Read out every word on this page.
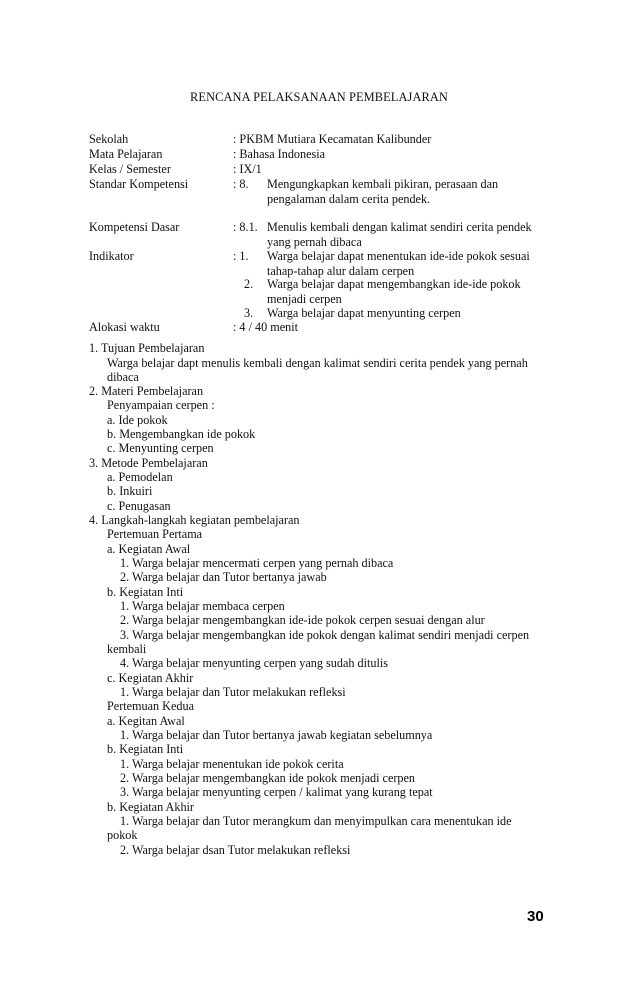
RENCANA PELAKSANAAN PEMBELAJARAN
Sekolah	: PKBM Mutiara Kecamatan Kalibunder
Mata Pelajaran	: Bahasa Indonesia
Kelas / Semester	: IX/1
Standar Kompetensi	: 8. Mengungkapkan kembali pikiran, perasaan dan
pengalaman dalam cerita pendek.
Kompetensi Dasar	: 8.1. Menulis kembali dengan kalimat sendiri cerita pendek
yang pernah dibaca
Indikator	: 1. Warga belajar dapat menentukan ide-ide pokok sesuai
tahap-tahap alur dalam cerpen
2. Warga belajar dapat mengembangkan ide-ide pokok
menjadi cerpen
3. Warga belajar dapat menyunting cerpen
Alokasi waktu	: 4 / 40 menit
1. Tujuan Pembelajaran
Warga belajar dapt menulis kembali dengan kalimat sendiri cerita pendek yang pernah
dibaca
2. Materi Pembelajaran
Penyampaian cerpen :
a. Ide pokok
b. Mengembangkan ide pokok
c. Menyunting cerpen
3. Metode Pembelajaran
a. Pemodelan
b. Inkuiri
c. Penugasan
4. Langkah-langkah kegiatan pembelajaran
Pertemuan Pertama
a. Kegiatan Awal
1. Warga belajar mencermati cerpen yang pernah dibaca
2. Warga belajar dan Tutor bertanya jawab
b. Kegiatan Inti
1. Warga belajar membaca cerpen
2. Warga belajar mengembangkan ide-ide pokok cerpen sesuai dengan alur
3. Warga belajar mengembangkan ide pokok dengan kalimat sendiri menjadi cerpen
kembali
4. Warga belajar menyunting cerpen yang sudah ditulis
c. Kegiatan Akhir
1. Warga belajar dan Tutor melakukan refleksi
Pertemuan Kedua
a. Kegitan Awal
1. Warga belajar dan Tutor bertanya jawab kegiatan sebelumnya
b. Kegiatan Inti
1. Warga belajar menentukan ide pokok cerita
2. Warga belajar mengembangkan ide pokok menjadi cerpen
3. Warga belajar menyunting cerpen / kalimat yang kurang tepat
b. Kegiatan Akhir
1. Warga belajar dan Tutor merangkum dan menyimpulkan cara menentukan ide
pokok
2. Warga belajar dsan Tutor melakukan refleksi
30
